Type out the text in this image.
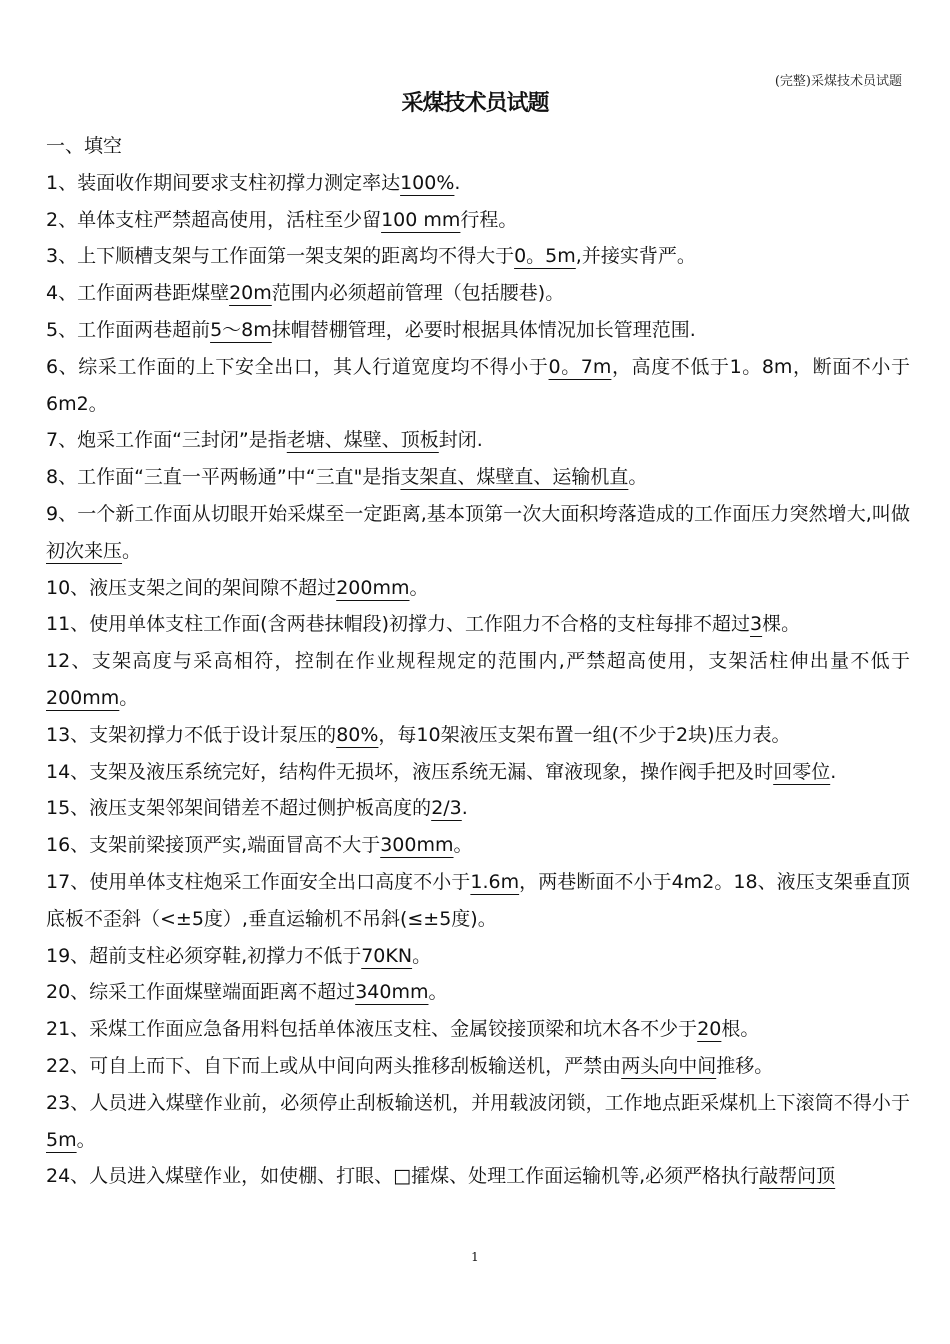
(完整)采煤技术员试题
采煤技术员试题
一、填空

1、装面收作期间要求支柱初撑力测定率达100%.

2、单体支柱严禁超高使用，活柱至少留100 mm行程。

3、上下顺槽支架与工作面第一架支架的距离均不得大于0。5m,并接实背严。

4、工作面两巷距煤壁20m范围内必须超前管理（包括腰巷)。

5、工作面两巷超前5～8m抹帽替棚管理，必要时根据具体情况加长管理范围.

6、综采工作面的上下安全出口，其人行道宽度均不得小于0。7m，高度不低于1。8m，断面不小于6m2。

7、炮采工作面“三封闭”是指老塘、煤壁、顶板封闭.

8、工作面“三直一平两畅通”中“三直"是指支架直、煤壁直、运输机直。

9、一个新工作面从切眼开始采煤至一定距离,基本顶第一次大面积垮落造成的工作面压力突然增大,叫做初次来压。

10、液压支架之间的架间隙不超过200mm。

11、使用单体支柱工作面(含两巷抹帽段)初撑力、工作阻力不合格的支柱每排不超过3棵。

12、支架高度与采高相符，控制在作业规程规定的范围内,严禁超高使用，支架活柱伸出量不低于200mm。

13、支架初撑力不低于设计泵压的80%，每10架液压支架布置一组(不少于2块)压力表。

14、支架及液压系统完好，结构件无损坏，液压系统无漏、窜液现象，操作阀手把及时回零位.

15、液压支架邻架间错差不超过侧护板高度的2/3.

16、支架前梁接顶严实,端面冒高不大于300mm。

17、使用单体支柱炮采工作面安全出口高度不小于1.6m，两巷断面不小于4m2。18、液压支架垂直顶底板不歪斜（<±5度）,垂直运输机不吊斜(≤±5度)。

19、超前支柱必须穿鞋,初撑力不低于70KN。

20、综采工作面煤壁端面距离不超过340mm。

21、采煤工作面应急备用料包括单体液压支柱、金属铰接顶梁和坑木各不少于20根。

22、可自上而下、自下而上或从中间向两头推移刮板输送机，严禁由两头向中间推移。

23、人员进入煤壁作业前，必须停止刮板输送机，并用载波闭锁，工作地点距采煤机上下滚筒不得小于5m。

24、人员进入煤壁作业，如使棚、打眼、□攉煤、处理工作面运输机等,必须严格执行敲帮问顶

1
